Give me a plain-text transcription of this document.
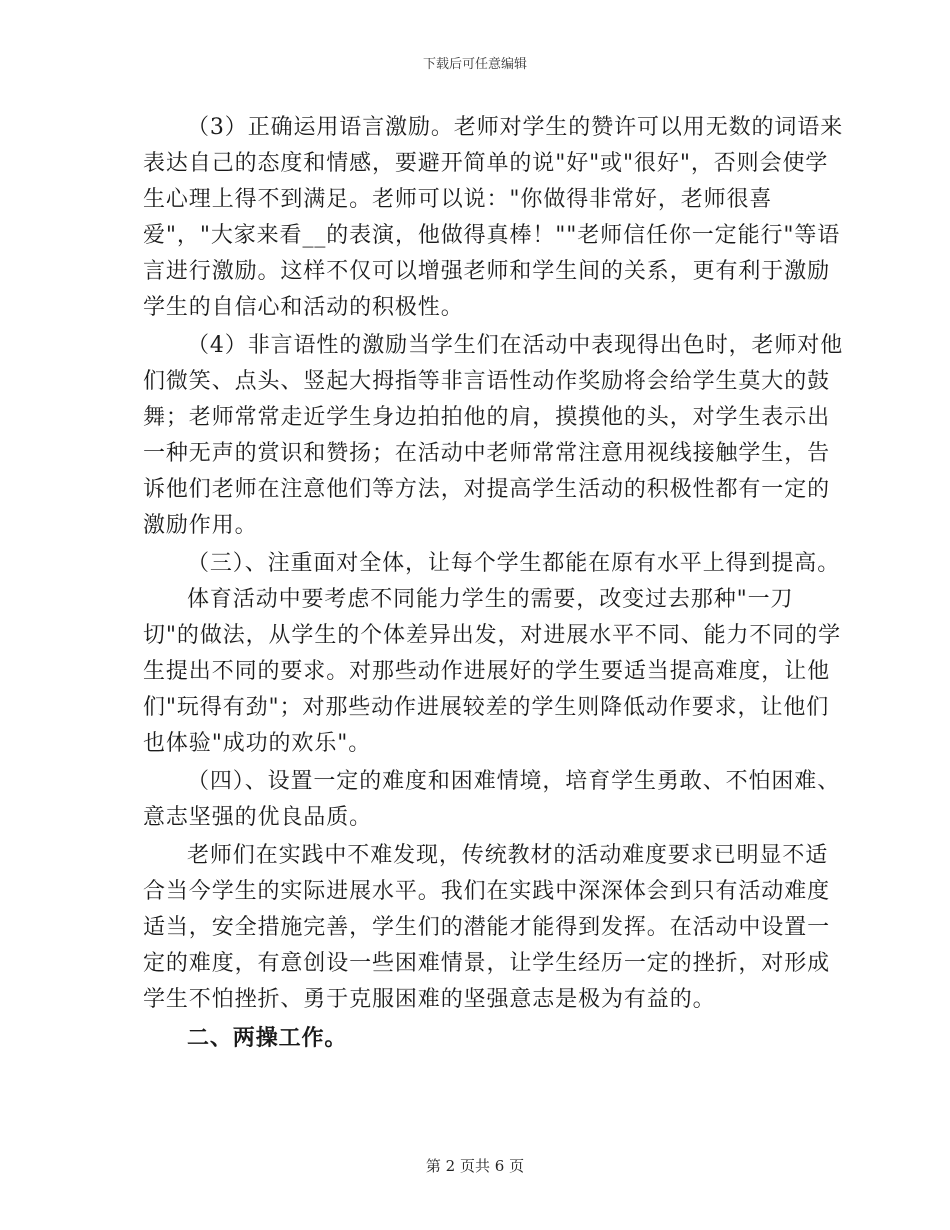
下载后可任意编辑
（3）正确运用语言激励。老师对学生的赞许可以用无数的词语来
表达自己的态度和情感，要避开简单的说"好"或"很好"，否则会使学
生心理上得不到满足。老师可以说："你做得非常好，老师很喜
爱"，"大家来看__的表演，他做得真棒！""老师信任你一定能行"等语
言进行激励。这样不仅可以增强老师和学生间的关系，更有利于激励
学生的自信心和活动的积极性。
（4）非言语性的激励当学生们在活动中表现得出色时，老师对他
们微笑、点头、竖起大拇指等非言语性动作奖励将会给学生莫大的鼓
舞；老师常常走近学生身边拍拍他的肩，摸摸他的头，对学生表示出
一种无声的赏识和赞扬；在活动中老师常常注意用视线接触学生，告
诉他们老师在注意他们等方法，对提高学生活动的积极性都有一定的
激励作用。
（三）、注重面对全体，让每个学生都能在原有水平上得到提高。
体育活动中要考虑不同能力学生的需要，改变过去那种"一刀
切"的做法，从学生的个体差异出发，对进展水平不同、能力不同的学
生提出不同的要求。对那些动作进展好的学生要适当提高难度，让他
们"玩得有劲"；对那些动作进展较差的学生则降低动作要求，让他们
也体验"成功的欢乐"。
（四）、设置一定的难度和困难情境，培育学生勇敢、不怕困难、
意志坚强的优良品质。
老师们在实践中不难发现，传统教材的活动难度要求已明显不适
合当今学生的实际进展水平。我们在实践中深深体会到只有活动难度
适当，安全措施完善，学生们的潜能才能得到发挥。在活动中设置一
定的难度，有意创设一些困难情景，让学生经历一定的挫折，对形成
学生不怕挫折、勇于克服困难的坚强意志是极为有益的。
二、两操工作。
第 2 页共 6 页
